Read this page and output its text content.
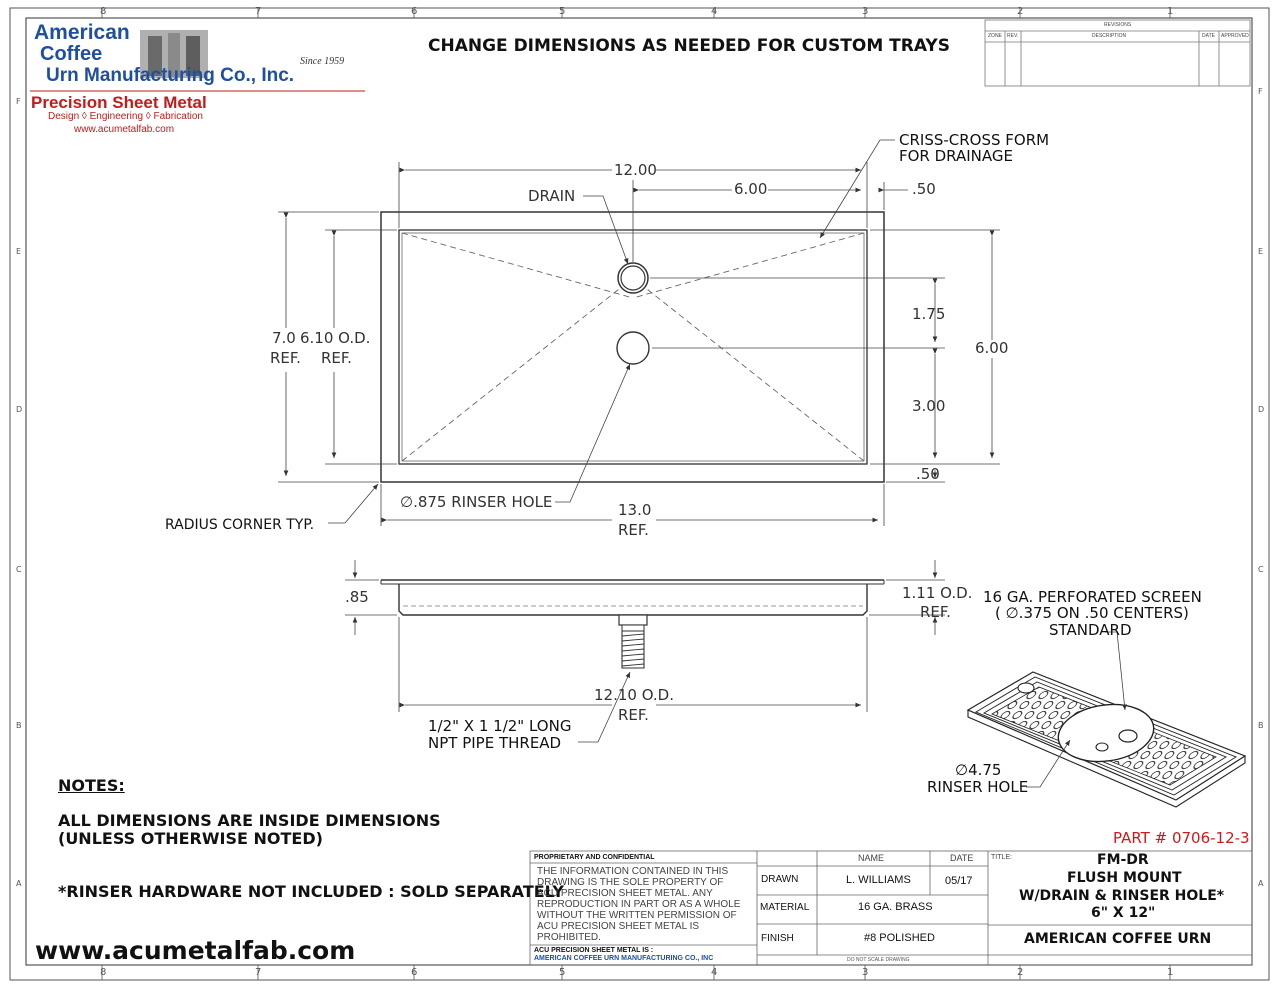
8	7	6	5	4	3	2	1
8	7	6	5	4	3	2	1
F
E
D
C
B
A
F
E
D
C
B
A
American
Coffee	Since 1959
Urn Manufacturing Co., Inc.
Precision Sheet Metal
Design ◊ Engineering ◊ Fabrication
www.acumetalfab.com
CHANGE DIMENSIONS AS NEEDED FOR CUSTOM TRAYS
REVISIONS
ZONE REV.	DESCRIPTION	DATE APPROVED
CRISS-CROSS FORM
FOR DRAINAGE
DRAIN
12.00
6.00	.50
1.75
3.00
.50
6.00
7.0
REF.
6.10 O.D.
REF.
∅.875 RINSER HOLE	13.0
REF.
RADIUS CORNER TYP.
.85	1.11 O.D.
REF.
12.10 O.D.
REF.
1/2" X 1 1/2" LONG
NPT PIPE THREAD
16 GA. PERFORATED SCREEN
( ∅.375 ON .50 CENTERS)
STANDARD
∅4.75
RINSER HOLE
NOTES:
ALL DIMENSIONS ARE INSIDE DIMENSIONS
(UNLESS OTHERWISE NOTED)
*RINSER HARDWARE NOT INCLUDED : SOLD SEPARATELY
www.acumetalfab.com
PART # 0706-12-3
PROPRIETARY AND CONFIDENTIAL
THE INFORMATION CONTAINED IN THIS
DRAWING IS THE SOLE PROPERTY OF
ACU PRECISION SHEET METAL. ANY
REPRODUCTION IN PART OR AS A WHOLE
WITHOUT THE WRITTEN PERMISSION OF
ACU PRECISION SHEET METAL IS
PROHIBITED.
ACU PRECISION SHEET METAL IS :
AMERICAN COFFEE URN MANUFACTURING CO., INC
NAME	DATE
DRAWN	L. WILLIAMS	05/17
MATERIAL	16 GA. BRASS
FINISH	#8 POLISHED
DO NOT SCALE DRAWING
TITLE:	FM-DR
FLUSH MOUNT
W/DRAIN & RINSER HOLE*
6" X 12"
AMERICAN COFFEE URN
